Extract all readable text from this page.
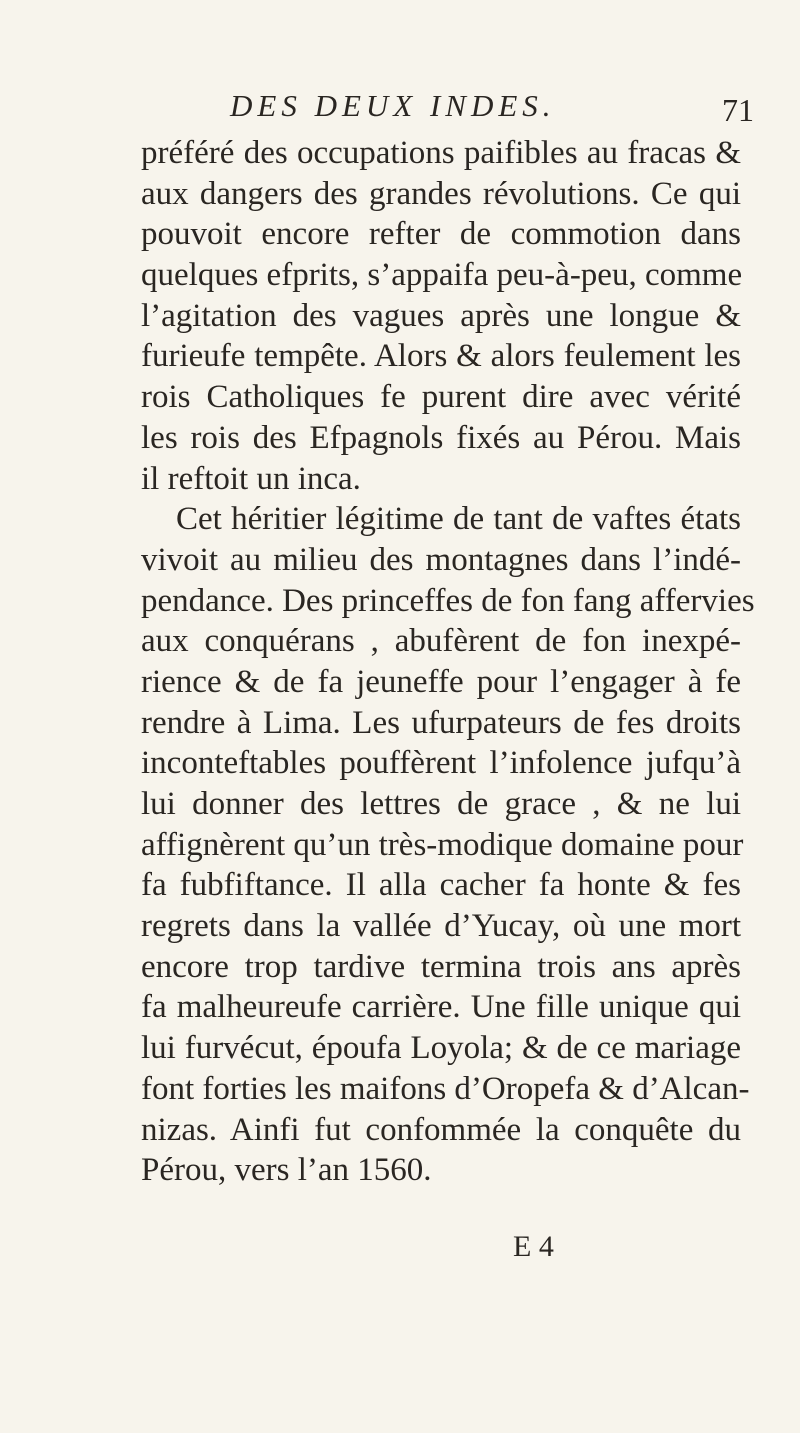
DES DEUX INDES.	71
préféré des occupations paifibles au fracas &
aux dangers des grandes révolutions. Ce qui
pouvoit encore refter de commotion dans
quelques efprits, s’appaifa peu-à-peu, comme
l’agitation des vagues après une longue &
furieufe tempête. Alors & alors feulement les
rois Catholiques fe purent dire avec vérité
les rois des Efpagnols fixés au Pérou. Mais
il reftoit un inca.
Cet héritier légitime de tant de vaftes états
vivoit au milieu des montagnes dans l’indé-
pendance. Des princeffes de fon fang affervies
aux conquérans , abufèrent de fon inexpé-
rience & de fa jeuneffe pour l’engager à fe
rendre à Lima. Les ufurpateurs de fes droits
inconteftables pouffèrent l’infolence jufqu’à
lui donner des lettres de grace , & ne lui
affignèrent qu’un très-modique domaine pour
fa fubfiftance. Il alla cacher fa honte & fes
regrets dans la vallée d’Yucay, où une mort
encore trop tardive termina trois ans après
fa malheureufe carrière. Une fille unique qui
lui furvécut, époufa Loyola; & de ce mariage
font forties les maifons d’Oropefa & d’Alcan-
nizas. Ainfi fut confommée la conquête du
Pérou, vers l’an 1560.
E 4
